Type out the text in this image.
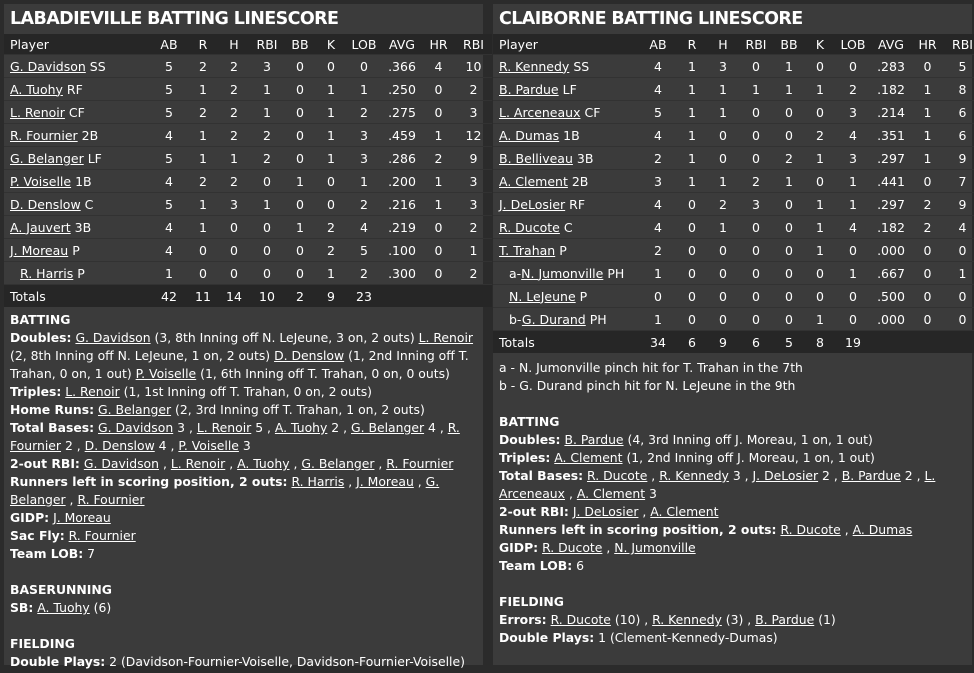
LABADIEVILLE BATTING LINESCORE
Player	AB	R	H	RBI	BB	K	LOB	AVG	HR	RBI
G. Davidson SS	5	2	2	3	0	0	0	.366	4	10
A. Tuohy RF	5	1	2	1	0	1	1	.250	0	2
L. Renoir CF	5	2	2	1	0	1	2	.275	0	3
R. Fournier 2B	4	1	2	2	0	1	3	.459	1	12
G. Belanger LF	5	1	1	2	0	1	3	.286	2	9
P. Voiselle 1B	4	2	2	0	1	0	1	.200	1	3
D. Denslow C	5	1	3	1	0	0	2	.216	1	3
A. Jauvert 3B	4	1	0	0	1	2	4	.219	0	2
J. Moreau P	4	0	0	0	0	2	5	.100	0	1
R. Harris P	1	0	0	0	0	1	2	.300	0	2
Totals	42	11	14	10	2	9	23			
BATTING
Doubles: G. Davidson (3, 8th Inning off N. LeJeune, 3 on, 2 outs) L. Renoir (2, 8th Inning off N. LeJeune, 1 on, 2 outs) D. Denslow (1, 2nd Inning off T. Trahan, 0 on, 1 out) P. Voiselle (1, 6th Inning off T. Trahan, 0 on, 0 outs)
Triples: L. Renoir (1, 1st Inning off T. Trahan, 0 on, 2 outs)
Home Runs: G. Belanger (2, 3rd Inning off T. Trahan, 1 on, 2 outs)
Total Bases: G. Davidson 3 , L. Renoir 5 , A. Tuohy 2 , G. Belanger 4 , R. Fournier 2 , D. Denslow 4 , P. Voiselle 3
2-out RBI: G. Davidson , L. Renoir , A. Tuohy , G. Belanger , R. Fournier
Runners left in scoring position, 2 outs: R. Harris , J. Moreau , G. Belanger , R. Fournier
GIDP: J. Moreau
Sac Fly: R. Fournier
Team LOB: 7
BASERUNNING
SB: A. Tuohy (6)
FIELDING
Double Plays: 2 (Davidson-Fournier-Voiselle, Davidson-Fournier-Voiselle)
CLAIBORNE BATTING LINESCORE
Player	AB	R	H	RBI	BB	K	LOB	AVG	HR	RBI
R. Kennedy SS	4	1	3	0	1	0	0	.283	0	5
B. Pardue LF	4	1	1	1	1	1	2	.182	1	8
L. Arceneaux CF	5	1	1	0	0	0	3	.214	1	6
A. Dumas 1B	4	1	0	0	0	2	4	.351	1	6
B. Belliveau 3B	2	1	0	0	2	1	3	.297	1	9
A. Clement 2B	3	1	1	2	1	0	1	.441	0	7
J. DeLosier RF	4	0	2	3	0	1	1	.297	2	9
R. Ducote C	4	0	1	0	0	1	4	.182	2	4
T. Trahan P	2	0	0	0	0	1	0	.000	0	0
a-N. Jumonville PH	1	0	0	0	0	0	1	.667	0	1
N. LeJeune P	0	0	0	0	0	0	0	.500	0	0
b-G. Durand PH	1	0	0	0	0	1	0	.000	0	0
Totals	34	6	9	6	5	8	19			
a - N. Jumonville pinch hit for T. Trahan in the 7th
b - G. Durand pinch hit for N. LeJeune in the 9th
BATTING
Doubles: B. Pardue (4, 3rd Inning off J. Moreau, 1 on, 1 out)
Triples: A. Clement (1, 2nd Inning off J. Moreau, 1 on, 1 out)
Total Bases: R. Ducote , R. Kennedy 3 , J. DeLosier 2 , B. Pardue 2 , L. Arceneaux , A. Clement 3
2-out RBI: J. DeLosier , A. Clement
Runners left in scoring position, 2 outs: R. Ducote , A. Dumas
GIDP: R. Ducote , N. Jumonville
Team LOB: 6
FIELDING
Errors: R. Ducote (10) , R. Kennedy (3) , B. Pardue (1)
Double Plays: 1 (Clement-Kennedy-Dumas)
